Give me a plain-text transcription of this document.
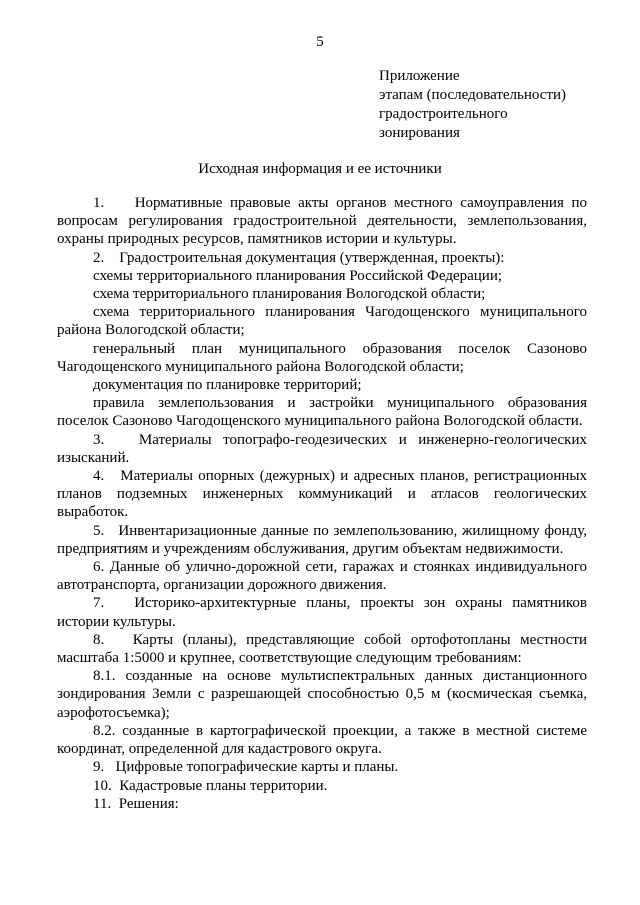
5
Приложение
этапам (последовательности)
градостроительного
зонирования
Исходная информация и ее источники

1.    Нормативные правовые акты органов местного самоуправления по вопросам регулирования градостроительной деятельности, землепользования, охраны природных ресурсов, памятников истории и культуры.

2.    Градостроительная документация (утвержденная, проекты):

схемы территориального планирования Российской Федерации;

схема территориального планирования Вологодской области;

схема территориального планирования Чагодощенского муниципального района Вологодской области;

генеральный план муниципального образования поселок Сазоново Чагодощенского муниципального района Вологодской области;

документация по планировке территорий;

правила землепользования и застройки муниципального образования поселок Сазоново Чагодощенского муниципального района Вологодской области.

3.   Материалы топографо-геодезических и инженерно-геологических изысканий.

4.   Материалы опорных (дежурных) и адресных планов, регистрационных планов подземных инженерных коммуникаций и атласов геологических выработок.

5.   Инвентаризационные данные по землепользованию, жилищному фонду, предприятиям и учреждениям обслуживания, другим объектам недвижимости.

6. Данные об улично-дорожной сети, гаражах и стоянках индивидуального автотранспорта, организации дорожного движения.

7.   Историко-архитектурные планы, проекты зон охраны памятников истории культуры.

8.   Карты (планы), представляющие собой ортофотопланы местности масштаба 1:5000 и крупнее, соответствующие следующим требованиям:

8.1. созданные на основе мультиспектральных данных дистанционного зондирования Земли с разрешающей способностью 0,5 м (космическая съемка, аэрофотосъемка);

8.2. созданные в картографической проекции, а также в местной системе координат, определенной для кадастрового округа.

9.   Цифровые топографические карты и планы.

10.  Кадастровые планы территории.

11.  Решения:
